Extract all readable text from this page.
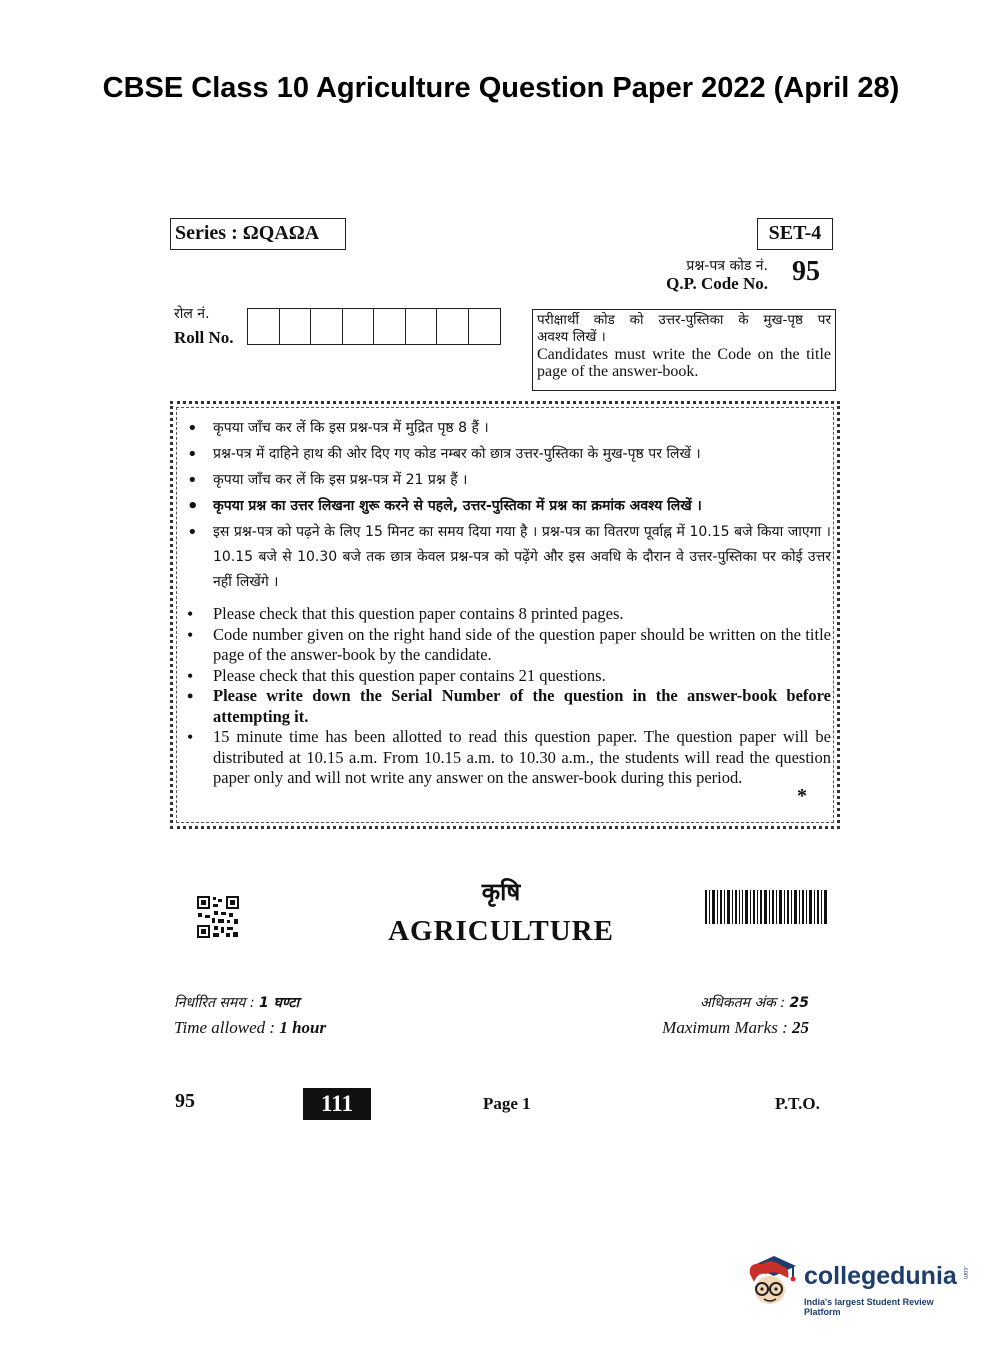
CBSE Class 10 Agriculture Question Paper 2022 (April 28)
Series : ΩQAΩA	SET-4
प्रश्न-पत्र कोड नं.
Q.P. Code No. 95
रोल नं.
Roll No.
परीक्षार्थी कोड को उत्तर-पुस्तिका के मुख-पृष्ठ पर
अवश्य लिखें ।
Candidates must write the Code on the title page of the answer-book.
• कृपया जाँच कर लें कि इस प्रश्न-पत्र में मुद्रित पृष्ठ 8 हैं ।
• प्रश्न-पत्र में दाहिने हाथ की ओर दिए गए कोड नम्बर को छात्र उत्तर-पुस्तिका के मुख-पृष्ठ पर लिखें ।
• कृपया जाँच कर लें कि इस प्रश्न-पत्र में 21 प्रश्न हैं ।
• कृपया प्रश्न का उत्तर लिखना शुरू करने से पहले, उत्तर-पुस्तिका में प्रश्न का क्रमांक अवश्य लिखें ।
• इस प्रश्न-पत्र को पढ़ने के लिए 15 मिनट का समय दिया गया है । प्रश्न-पत्र का वितरण पूर्वाह्न में 10.15 बजे किया जाएगा । 10.15 बजे से 10.30 बजे तक छात्र केवल प्रश्न-पत्र को पढ़ेंगे और इस अवधि के दौरान वे उत्तर-पुस्तिका पर कोई उत्तर नहीं लिखेंगे ।
• Please check that this question paper contains 8 printed pages.
• Code number given on the right hand side of the question paper should be written on the title page of the answer-book by the candidate.
• Please check that this question paper contains 21 questions.
• Please write down the Serial Number of the question in the answer-book before attempting it.
• 15 minute time has been allotted to read this question paper. The question paper will be distributed at 10.15 a.m. From 10.15 a.m. to 10.30 a.m., the students will read the question paper only and will not write any answer on the answer-book during this period.
*
कृषि
AGRICULTURE
निर्धारित समय : 1 घण्टा
Time allowed : 1 hour
अधिकतम अंक : 25
Maximum Marks : 25
95	111	Page 1	P.T.O.
collegedunia .com
India's largest Student Review Platform
